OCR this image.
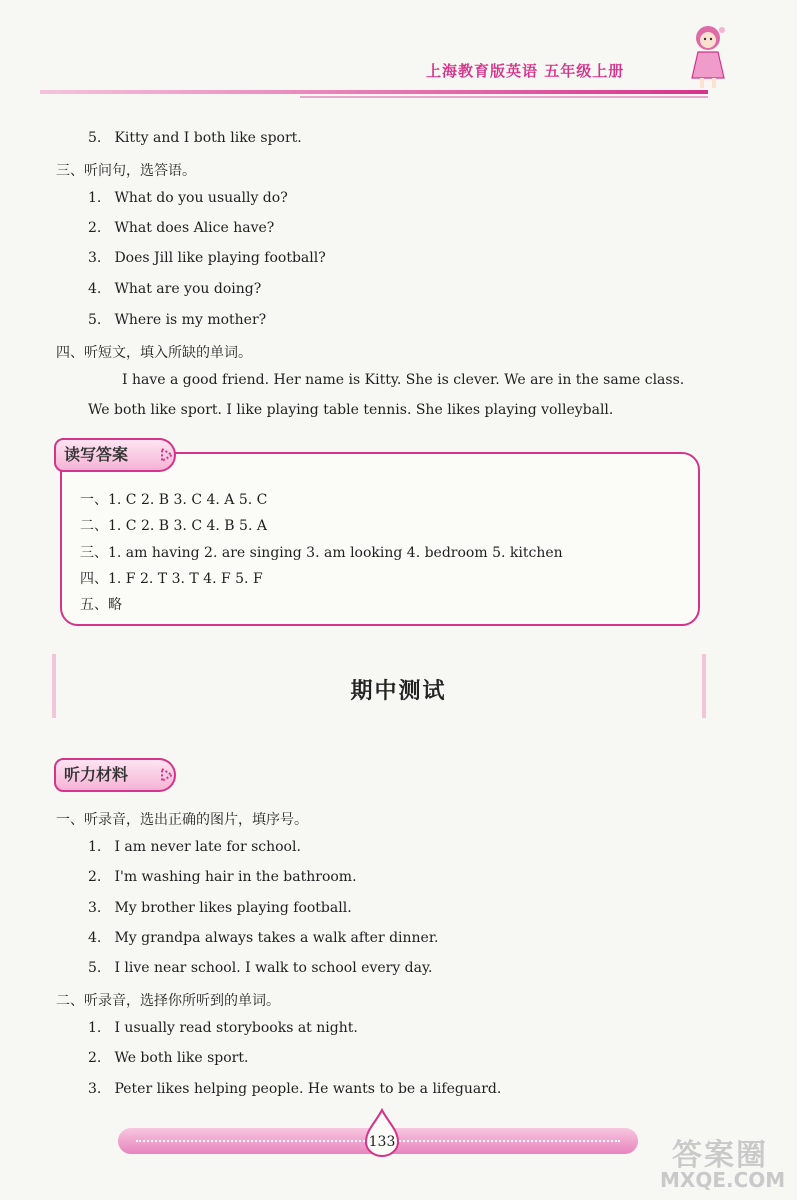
上海教育版英语 五年级上册
5. Kitty and I both like sport.
三、听问句，选答语。
1. What do you usually do?
2. What does Alice have?
3. Does Jill like playing football?
4. What are you doing?
5. Where is my mother?
四、听短文，填入所缺的单词。
I have a good friend. Her name is Kitty. She is clever. We are in the same class.
We both like sport. I like playing table tennis. She likes playing volleyball.
读写答案
一、1. C 2. B 3. C 4. A 5. C
二、1. C 2. B 3. C 4. B 5. A
三、1. am having 2. are singing 3. am looking 4. bedroom 5. kitchen
四、1. F 2. T 3. T 4. F 5. F
五、略
期中测试
听力材料
一、听录音，选出正确的图片，填序号。
1. I am never late for school.
2. I'm washing hair in the bathroom.
3. My brother likes playing football.
4. My grandpa always takes a walk after dinner.
5. I live near school. I walk to school every day.
二、听录音，选择你所听到的单词。
1. I usually read storybooks at night.
2. We both like sport.
3. Peter likes helping people. He wants to be a lifeguard.
133	答案圈
MXQE.COM
